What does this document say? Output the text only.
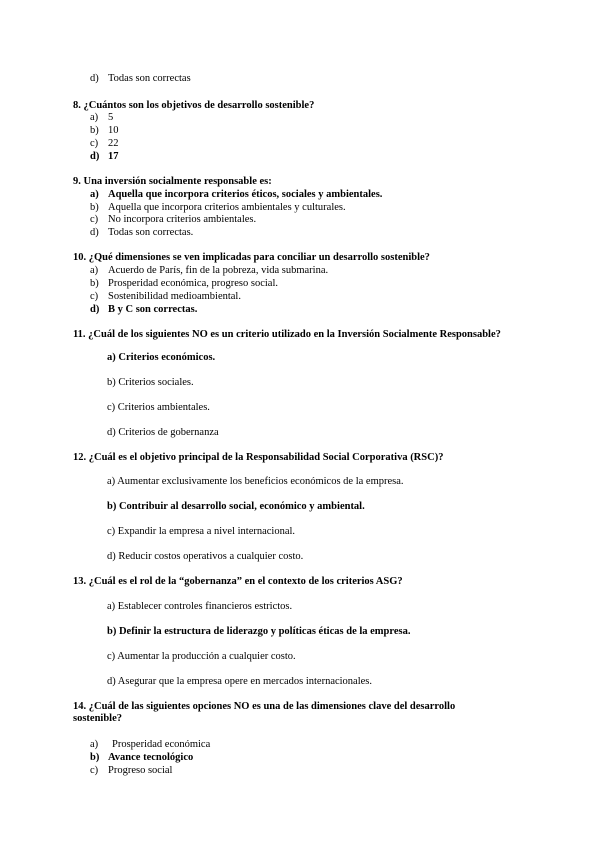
d) Todas son correctas
8. ¿Cuántos son los objetivos de desarrollo sostenible?
a) 5
b) 10
c) 22
d) 17
9. Una inversión socialmente responsable es:
a) Aquella que incorpora criterios éticos, sociales y ambientales.
b) Aquella que incorpora criterios ambientales y culturales.
c) No incorpora criterios ambientales.
d) Todas son correctas.
10. ¿Qué dimensiones se ven implicadas para conciliar un desarrollo sostenible?
a) Acuerdo de París, fin de la pobreza, vida submarina.
b) Prosperidad económica, progreso social.
c) Sostenibilidad medioambiental.
d) B y C son correctas.
11. ¿Cuál de los siguientes NO es un criterio utilizado en la Inversión Socialmente Responsable?
a) Criterios económicos.
b) Criterios sociales.
c) Criterios ambientales.
d) Criterios de gobernanza
12. ¿Cuál es el objetivo principal de la Responsabilidad Social Corporativa (RSC)?
a) Aumentar exclusivamente los beneficios económicos de la empresa.
b) Contribuir al desarrollo social, económico y ambiental.
c) Expandir la empresa a nivel internacional.
d) Reducir costos operativos a cualquier costo.
13. ¿Cuál es el rol de la “gobernanza” en el contexto de los criterios ASG?
a) Establecer controles financieros estrictos.
b) Definir la estructura de liderazgo y políticas éticas de la empresa.
c) Aumentar la producción a cualquier costo.
d) Asegurar que la empresa opere en mercados internacionales.
14. ¿Cuál de las siguientes opciones NO es una de las dimensiones clave del desarrollo
sostenible?
a) Prosperidad económica
b) Avance tecnológico
c) Progreso social
